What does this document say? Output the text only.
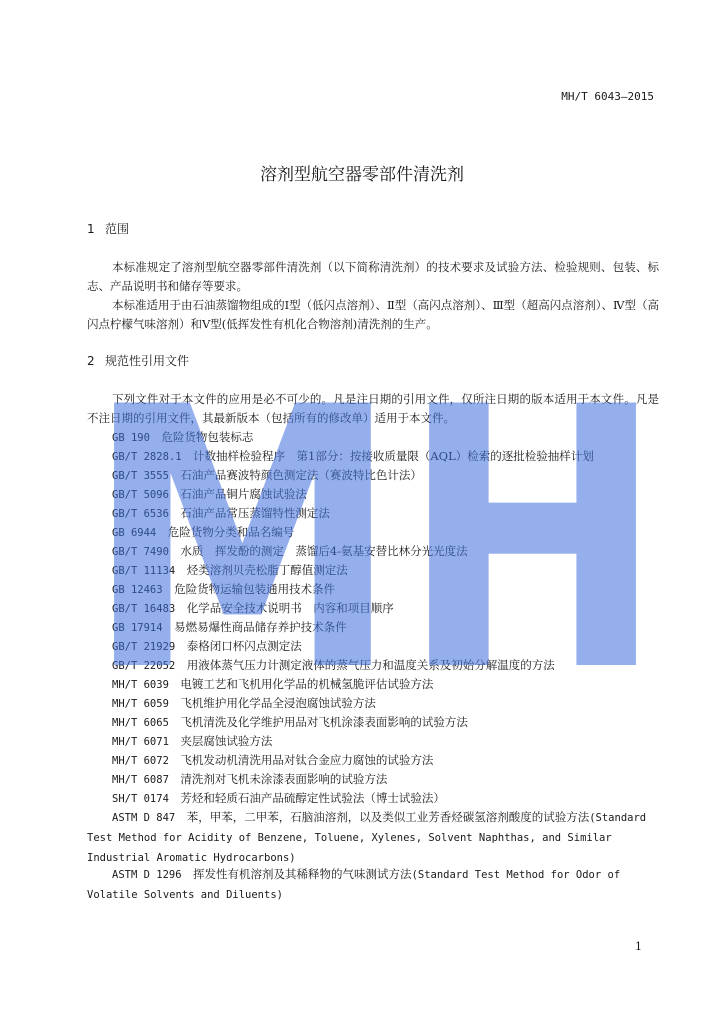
MH/T 6043—2015
溶剂型航空器零部件清洗剂
1 范围

本标准规定了溶剂型航空器零部件清洗剂（以下简称清洗剂）的技术要求及试验方法、检验规则、包装、标志、产品说明书和储存等要求。

本标准适用于由石油蒸馏物组成的Ⅰ型（低闪点溶剂）、Ⅱ型（高闪点溶剂）、Ⅲ型（超高闪点溶剂）、Ⅳ型（高闪点柠檬气味溶剂）和Ⅴ型(低挥发性有机化合物溶剂)清洗剂的生产。

2 规范性引用文件

下列文件对于本文件的应用是必不可少的。凡是注日期的引用文件，仅所注日期的版本适用于本文件。凡是不注日期的引用文件，其最新版本（包括所有的修改单）适用于本文件。

GB 190　 危险货物包装标志
GB/T 2828.1　 计数抽样检验程序　第1部分：按接收质量限（AQL）检索的逐批检验抽样计划
GB/T 3555　 石油产品赛波特颜色测定法（赛波特比色计法）
GB/T 5096　 石油产品铜片腐蚀试验法
GB/T 6536　 石油产品常压蒸馏特性测定法
GB 6944　 危险货物分类和品名编号
GB/T 7490　 水质　挥发酚的测定　蒸馏后4-氨基安替比林分光光度法
GB/T 11134　 烃类溶剂贝壳松脂丁醇值测定法
GB 12463　 危险货物运输包装通用技术条件
GB/T 16483　 化学品安全技术说明书　内容和项目顺序
GB 17914　 易燃易爆性商品储存养护技术条件
GB/T 21929　 泰格闭口杯闪点测定法
GB/T 22052　 用液体蒸气压力计测定液体的蒸气压力和温度关系及初始分解温度的方法
MH/T 6039　 电镀工艺和飞机用化学品的机械氢脆评估试验方法
MH/T 6059　 飞机维护用化学品全浸泡腐蚀试验方法
MH/T 6065　 飞机清洗及化学维护用品对飞机涂漆表面影响的试验方法
MH/T 6071　 夹层腐蚀试验方法
MH/T 6072　 飞机发动机清洗用品对钛合金应力腐蚀的试验方法
MH/T 6087　 清洗剂对飞机未涂漆表面影响的试验方法
SH/T 0174　 芳烃和轻质石油产品硫醇定性试验法（博士试验法）

ASTM D 847　 苯，甲苯，二甲苯，石脑油溶剂，以及类似工业芳香烃碳氢溶剂酸度的试验方法(Standard Test Method for Acidity of Benzene, Toluene, Xylenes, Solvent Naphthas, and Similar Industrial Aromatic Hydrocarbons)

ASTM D 1296　 挥发性有机溶剂及其稀释物的气味测试方法(Standard Test Method for Odor of Volatile Solvents and Diluents)

1
MH
